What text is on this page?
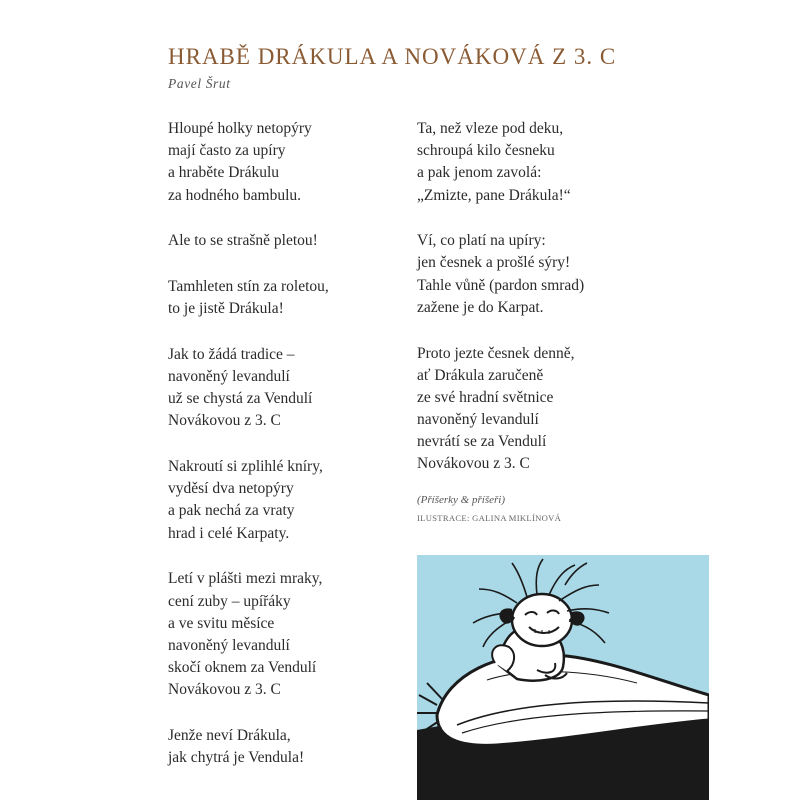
HRABĚ DRÁKULA A NOVÁKOVÁ Z 3. C
Pavel Šrut
Hloupé holky netopýry
mají často za upíry
a hraběte Drákulu
za hodného bambulu.
Ale to se strašně pletou!
Tamhleten stín za roletou,
to je jistě Drákula!
Jak to žádá tradice –
navoněný levandulí
už se chystá za Vendulí
Novákovou z 3. C
Nakroutí si zplihlé kníry,
vyděsí dva netopýry
a pak nechá za vraty
hrad i celé Karpaty.
Letí v plášti mezi mraky,
cení zuby – upířáky
a ve svitu měsíce
navoněný levandulí
skočí oknem za Vendulí
Novákovou z 3. C
Jenže neví Drákula,
jak chytrá je Vendula!
Ta, než vleze pod deku,
schroupá kilo česneku
a pak jenom zavolá:
„Zmizte, pane Drákula!“
Ví, co platí na upíry:
jen česnek a prošlé sýry!
Tahle vůně (pardon smrad)
zažene je do Karpat.
Proto jezte česnek denně,
ať Drákula zaručeně
ze své hradní světnice
navoněný levandulí
nevrátí se za Vendulí
Novákovou z 3. C
(Příšerky & příšeři)
ILUSTRACE: GALINA MIKLÍNOVÁ
